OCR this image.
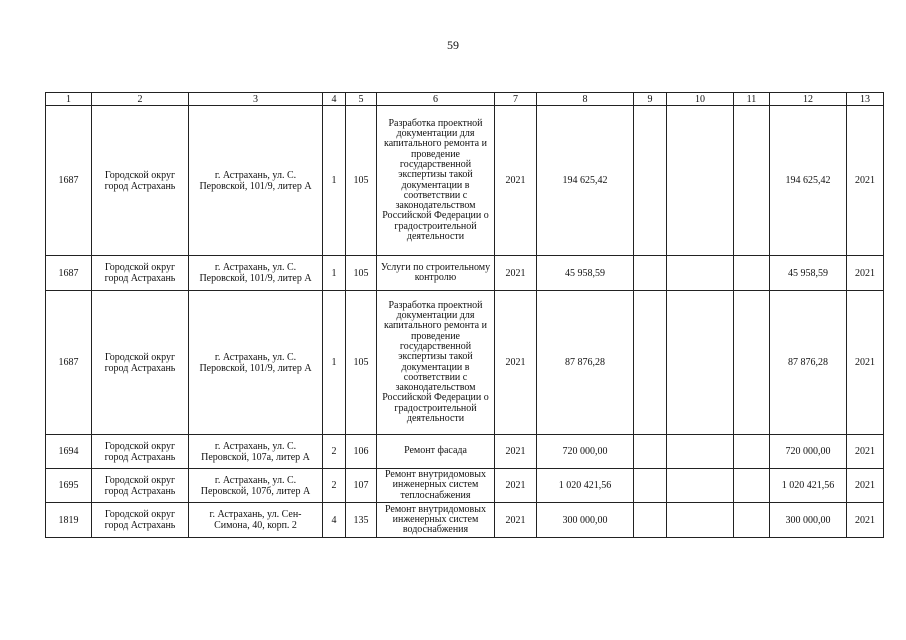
59
1	2	3	4	5	6	7	8	9	10	11	12	13
1687	Городской округ город Астрахань	г. Астрахань, ул. С. Перовской, 101/9, литер А	1	105	Разработка проектной документации для капитального ремонта и проведение государственной экспертизы такой документации в соответствии с законодательством Российской Федерации о градостроительной деятельности	2021	194 625,42				194 625,42	2021
1687	Городской округ город Астрахань	г. Астрахань, ул. С. Перовской, 101/9, литер А	1	105	Услуги по строительному контролю	2021	45 958,59				45 958,59	2021
1687	Городской округ город Астрахань	г. Астрахань, ул. С. Перовской, 101/9, литер А	1	105	Разработка проектной документации для капитального ремонта и проведение государственной экспертизы такой документации в соответствии с законодательством Российской Федерации о градостроительной деятельности	2021	87 876,28				87 876,28	2021
1694	Городской округ город Астрахань	г. Астрахань, ул. С. Перовской, 107а, литер А	2	106	Ремонт фасада	2021	720 000,00				720 000,00	2021
1695	Городской округ город Астрахань	г. Астрахань, ул. С. Перовской, 107б, литер А	2	107	Ремонт внутридомовых инженерных систем теплоснабжения	2021	1 020 421,56				1 020 421,56	2021
1819	Городской округ город Астрахань	г. Астрахань, ул. Сен-Симона, 40, корп. 2	4	135	Ремонт внутридомовых инженерных систем водоснабжения	2021	300 000,00				300 000,00	2021
